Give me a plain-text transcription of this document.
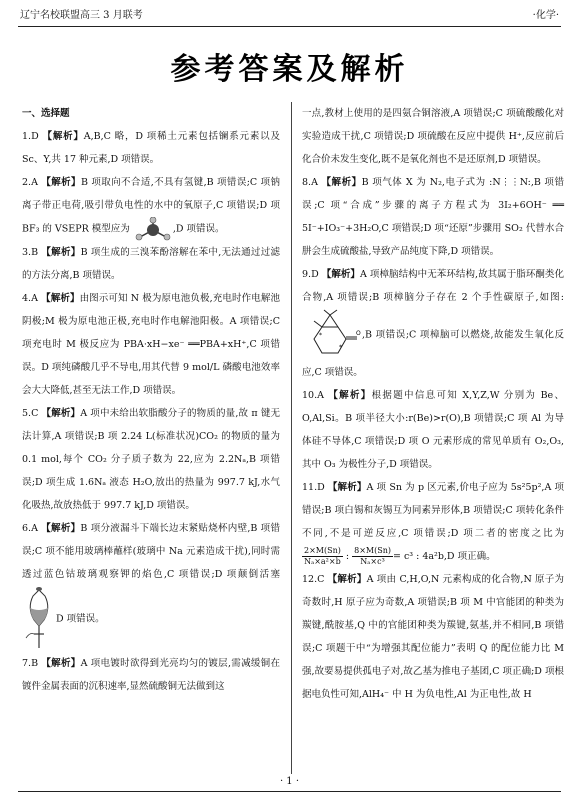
辽宁名校联盟高三 3 月联考	·化学·
参考答案及解析

一、选择题

1.D 【解析】A,B,C 略，D 项稀土元素包括镧系元素以及 Sc、Y,共 17 种元素,D 项错误。

2.A 【解析】B 项取向不合适,不具有氢键,B 项错误;C 项钠离子带正电荷,吸引带负电性的水中的氧原子,C 项错误;D 项 BF₃ 的 VSEPR 模型应为	,D 项错误。

3.B 【解析】B 项生成的三溴苯酚溶解在苯中,无法通过过滤的方法分离,B 项错误。

4.A 【解析】由图示可知 N 极为原电池负极,充电时作电解池阴极;M 极为原电池正极,充电时作电解池阳极。A 项错误;C 项充电时 M 极反应为 PBA·xH−xe⁻ ══PBA+xH⁺,C 项错误。D 项纯磷酸几乎不导电,用其代替 9 mol/L 磷酸电池效率会大大降低,甚至无法工作,D 项错误。

5.C 【解析】A 项中未给出软脂酸分子的物质的量,故 π 键无法计算,A 项错误;B 项 2.24 L(标准状况)CO₂ 的物质的量为 0.1 mol,每个 CO₂ 分子质子数为 22,应为 2.2Nₐ,B 项错误;D 项生成 1.6Nₐ 液态 H₂O,放出的热量为 997.7 kJ,水气化吸热,故放热低于 997.7 kJ,D 项错误。

6.A 【解析】B 项分液漏斗下端长边末紧贴烧杯内壁,B 项错误;C 项不能用玻璃棒蘸样(玻璃中 Na 元素造成干扰),同时需透过蓝色钴玻璃观察钾的焰色,C 项错误;D 项颠倒活塞 D 项错误。

7.B 【解析】A 项电镀时欲得到光亮均匀的镀层,需减缓铜在镀件金属表面的沉积速率,显然硫酸铜无法做到这

一点,教材上使用的是四氨合铜溶液,A 项错误;C 项硫酸酸化对实验造成干扰,C 项错误;D 项硫酸在反应中提供 H⁺,反应前后化合价未发生变化,既不是氧化剂也不是还原剂,D 项错误。

8.A 【解析】B 项气体 X 为 N₂,电子式为 :N⋮⋮N:,B 项错误;C 项“合成”步骤的离子方程式为 3I₂+6OH⁻ ══ 5I⁻+IO₃⁻+3H₂O,C 项错误;D 项“还原”步骤用 SO₂ 代替水合肼会生成硫酸盐,导致产品纯度下降,D 项错误。

9.D 【解析】A 项樟脑结构中无苯环结构,故其属于脂环酮类化合物,A 项错误;B 项樟脑分子存在 2 个手性碳原子,如图:
O
*
*
,B 项错误;C 项樟脑可以燃烧,故能发生氧化反应,C 项错误。

10.A 【解析】根据题中信息可知 X,Y,Z,W 分别为 Be、O,Al,Si。B 项半径大小:r(Be)>r(O),B 项错误;C 项 Al 为导体硅不导体,C 项错误;D 项 O 元素形成的常见单质有 O₂,O₃,其中 O₃ 为极性分子,D 项错误。

11.D 【解析】A 项 Sn 为 p 区元素,价电子应为 5s²5p²,A 项错误;B 项白锡和灰锡互为同素异形体,B 项错误;C 项转化条件不同,不是可逆反应,C 项错误;D 项二者的密度之比为
$\frac{2\times M(Sn)}{\text{Nₐ×a²×b}}$ : $\frac{8\times M(Sn)}{\text{Nₐ×c³}} = c^3$ : 4a²b,D 项正确。

12.C 【解析】A 项由 C,H,O,N 元素构成的化合物,N 原子为奇数时,H 原子应为奇数,A 项错误;B 项 M 中官能团的种类为羰键,酰胺基,Q 中的官能团种类为羰键,氨基,并不相同,B 项错误;C 项题干中“为增强其配位能力”表明 Q 的配位能力比 M 强,故要易提供孤电子对,故乙基为推电子基团,C 项正确;D 项根据电负性可知,AlH₄⁻ 中 H 为负电性,Al 为正电性,故 H

· 1 ·
